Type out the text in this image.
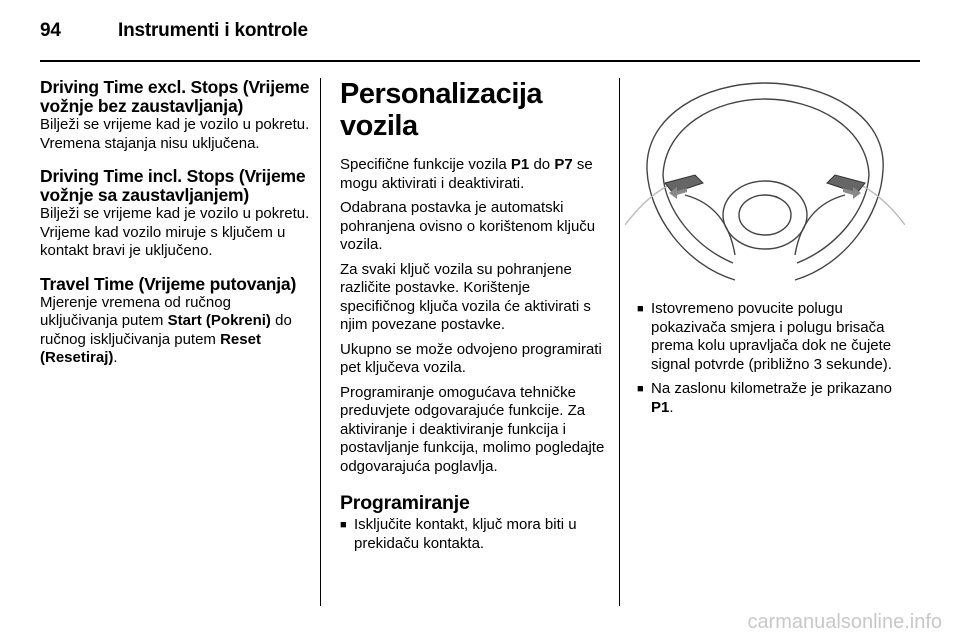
94	Instrumenti i kontrole
Driving Time excl. Stops (Vrijeme vožnje bez zaustavljanja)

Bilježi se vrijeme kad je vozilo u pokretu. Vremena stajanja nisu uključena.

Driving Time incl. Stops (Vrijeme vožnje sa zaustavljanjem)

Bilježi se vrijeme kad je vozilo u pokretu. Vrijeme kad vozilo miruje s ključem u kontakt bravi je uključeno.

Travel Time (Vrijeme putovanja)

Mjerenje vremena od ručnog uključivanja putem Start (Pokreni) do ručnog isključivanja putem Reset (Resetiraj).

Personalizacija vozila

Specifične funkcije vozila P1 do P7 se mogu aktivirati i deaktivirati.

Odabrana postavka je automatski pohranjena ovisno o korištenom ključu vozila.

Za svaki ključ vozila su pohranjene različite postavke. Korištenje specifičnog ključa vozila će aktivirati s njim povezane postavke.

Ukupno se može odvojeno programirati pet ključeva vozila.

Programiranje omogućava tehničke preduvjete odgovarajuće funkcije. Za aktiviranje i deaktiviranje funkcija i postavljanje funkcija, molimo pogledajte odgovarajuća poglavlja.

Programiranje
■ Isključite kontakt, ključ mora biti u prekidaču kontakta.
■ Istovremeno povucite polugu pokazivača smjera i polugu brisača prema kolu upravljača dok ne čujete signal potvrde (približno 3 sekunde).
■ Na zaslonu kilometraže je prikazano P1.
carmanualsonline.info
